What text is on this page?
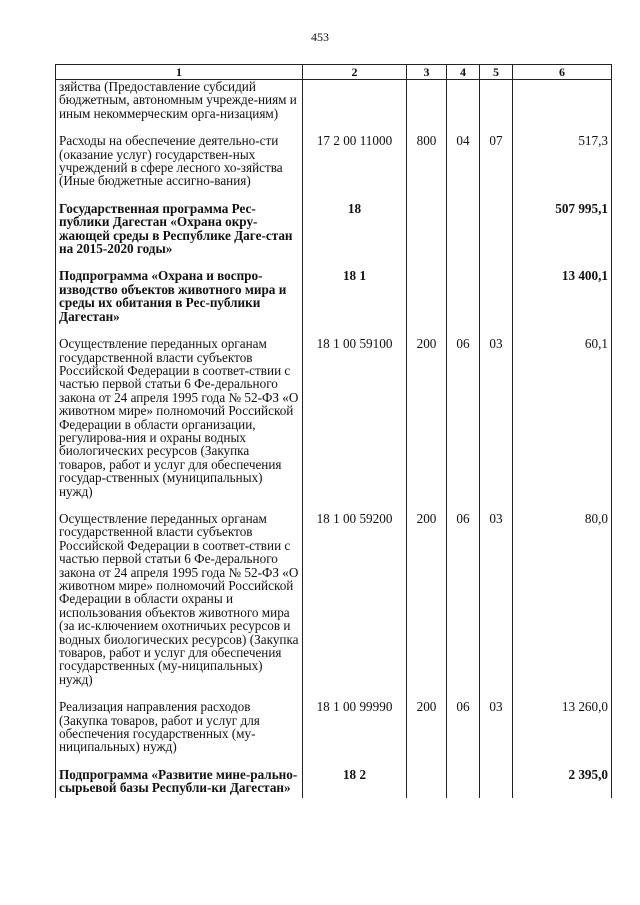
453
1	2	3	4	5	6
зяйства (Предоставление субсидий бюджетным, автономным учрежде-ниям и иным некоммерческим орга-низациям)					
Расходы на обеспечение деятельно-сти (оказание услуг) государствен-ных учреждений в сфере лесного хо-зяйства (Иные бюджетные ассигно-вания)	17 2 00 11000	800	04	07	517,3
Государственная программа Рес-публики Дагестан «Охрана окру-жающей среды в Республике Даге-стан на 2015-2020 годы»	18				507 995,1
Подпрограмма «Охрана и воспро-изводство объектов животного мира и среды их обитания в Рес-публики Дагестан»	18 1				13 400,1
Осуществление переданных органам государственной власти субъектов Российской Федерации в соответ-ствии с частью первой статьи 6 Фе-дерального закона от 24 апреля 1995 года № 52-ФЗ «О животном мире» полномочий Российской Федерации в области организации, регулирова-ния и охраны водных биологических ресурсов (Закупка товаров, работ и услуг для обеспечения государ-ственных (муниципальных) нужд)	18 1 00 59100	200	06	03	60,1
Осуществление переданных органам государственной власти субъектов Российской Федерации в соответ-ствии с частью первой статьи 6 Фе-дерального закона от 24 апреля 1995 года № 52-ФЗ «О животном мире» полномочий Российской Федерации в области охраны и использования объектов животного мира (за ис-ключением охотничьих ресурсов и водных биологических ресурсов) (Закупка товаров, работ и услуг для обеспечения государственных (му-ниципальных) нужд)	18 1 00 59200	200	06	03	80,0
Реализация направления расходов (Закупка товаров, работ и услуг для обеспечения государственных (му-ниципальных) нужд)	18 1 00 99990	200	06	03	13 260,0
Подпрограмма «Развитие мине-рально-сырьевой базы Республи-ки Дагестан»	18 2				2 395,0
